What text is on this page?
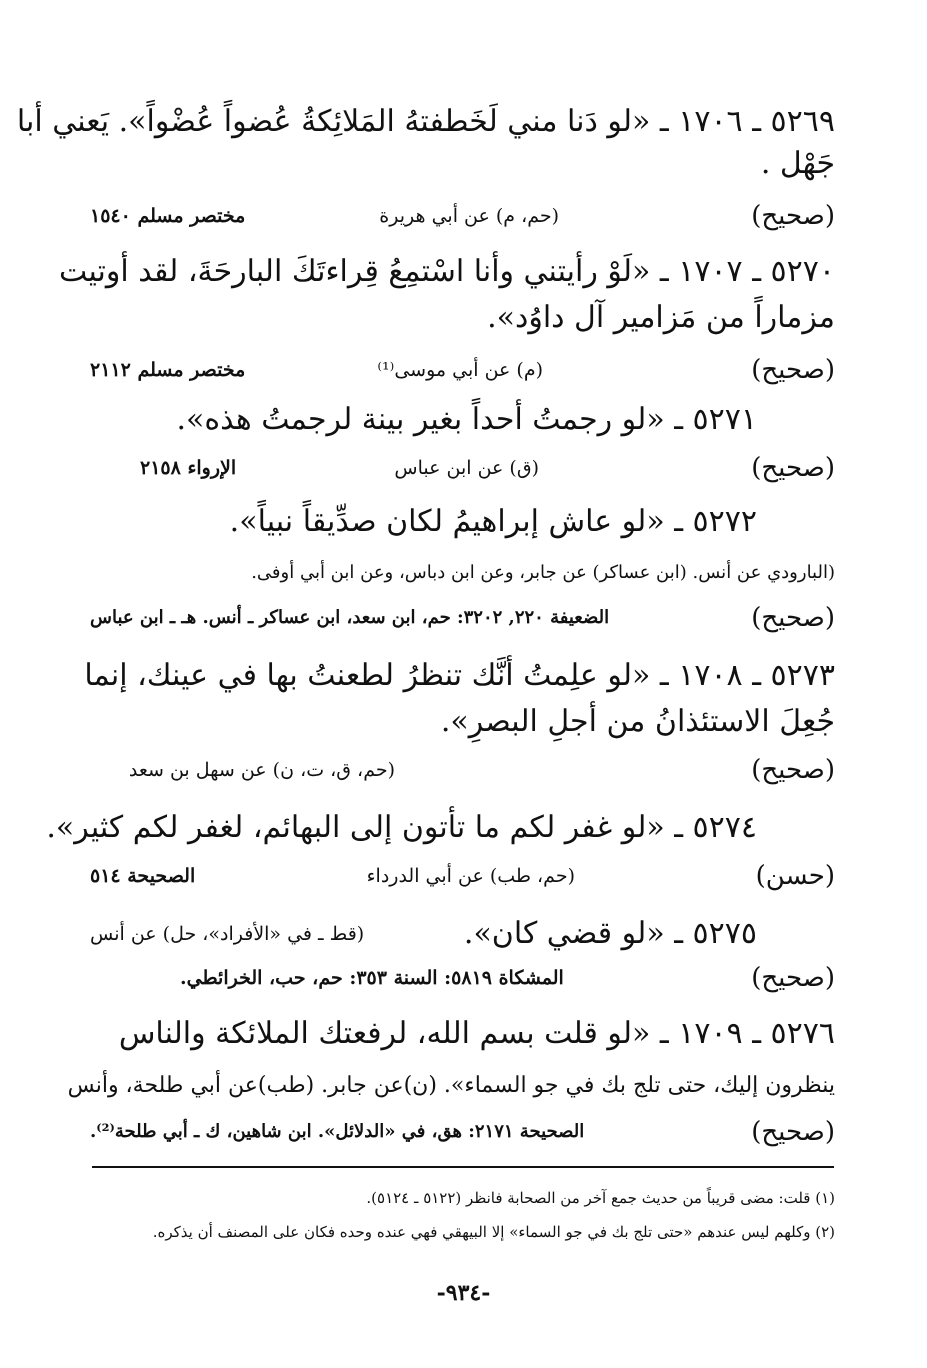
٥٢٦٩ ـ ١٧٠٦ ـ «لو دَنا مني لَخَطفتهُ المَلائِكةُ عُضواً عُضْواً». يَعني أبا
جَهْل .
(صحيح)
(حم، م) عن أبي هريرة
مختصر مسلم ١٥٤٠
٥٢٧٠ ـ ١٧٠٧ ـ «لَوْ رأيتني وأنا اسْتمِعُ قِراءتَكَ البارحَةَ، لقد أوتيت
مزماراً من مَزامير آل داوُد».
(صحيح)
(م) عن أبي موسى⁽¹⁾
مختصر مسلم ٢١١٢
٥٢٧١ ـ «لو رجمتُ أحداً بغير بينة لرجمتُ هذه».
(صحيح)
(ق) عن ابن عباس
الإرواء ٢١٥٨
٥٢٧٢ ـ «لو عاش إبراهيمُ لكان صدِّيقاً نبياً».
(البارودي عن أنس. (ابن عساكر) عن جابر، وعن ابن دباس، وعن ابن أبي أوفى.
(صحيح)
الضعيفة ٢٢٠, ٣٢٠٢: حم، ابن سعد، ابن عساكر ـ أنس. هـ ـ ابن عباس
٥٢٧٣ ـ ١٧٠٨ ـ «لو علِمتُ أنَّك تنظرُ لطعنتُ بها في عينك، إنما
جُعِلَ الاستئذانُ من أجلِ البصرِ».
(صحيح)
(حم، ق، ت، ن) عن سهل بن سعد
٥٢٧٤ ـ «لو غفر لكم ما تأتون إلى البهائم، لغفر لكم كثير».
(حسن)
(حم، طب) عن أبي الدرداء
الصحيحة ٥١٤
٥٢٧٥ ـ «لو قضي كان».
(قط ـ في «الأفراد»، حل) عن أنس
(صحيح)
المشكاة ٥٨١٩: السنة ٣٥٣: حم، حب، الخرائطي.
٥٢٧٦ ـ ١٧٠٩ ـ «لو قلت بسم الله، لرفعتك الملائكة والناس
ينظرون إليك، حتى تلج بك في جو السماء». (ن)عن جابر. (طب)عن أبي طلحة، وأنس
(صحيح)
الصحيحة ٢١٧١: هق، في «الدلائل». ابن شاهين، ك ـ أبي طلحة⁽²⁾.
(١) قلت: مضى قريباً من حديث جمع آخر من الصحابة فانظر (٥١٢٢ ـ ٥١٢٤).
(٢) وكلهم ليس عندهم «حتى تلج بك في جو السماء» إلا البيهقي فهي عنده وحده فكان على المصنف أن يذكره.
-٩٣٤-
